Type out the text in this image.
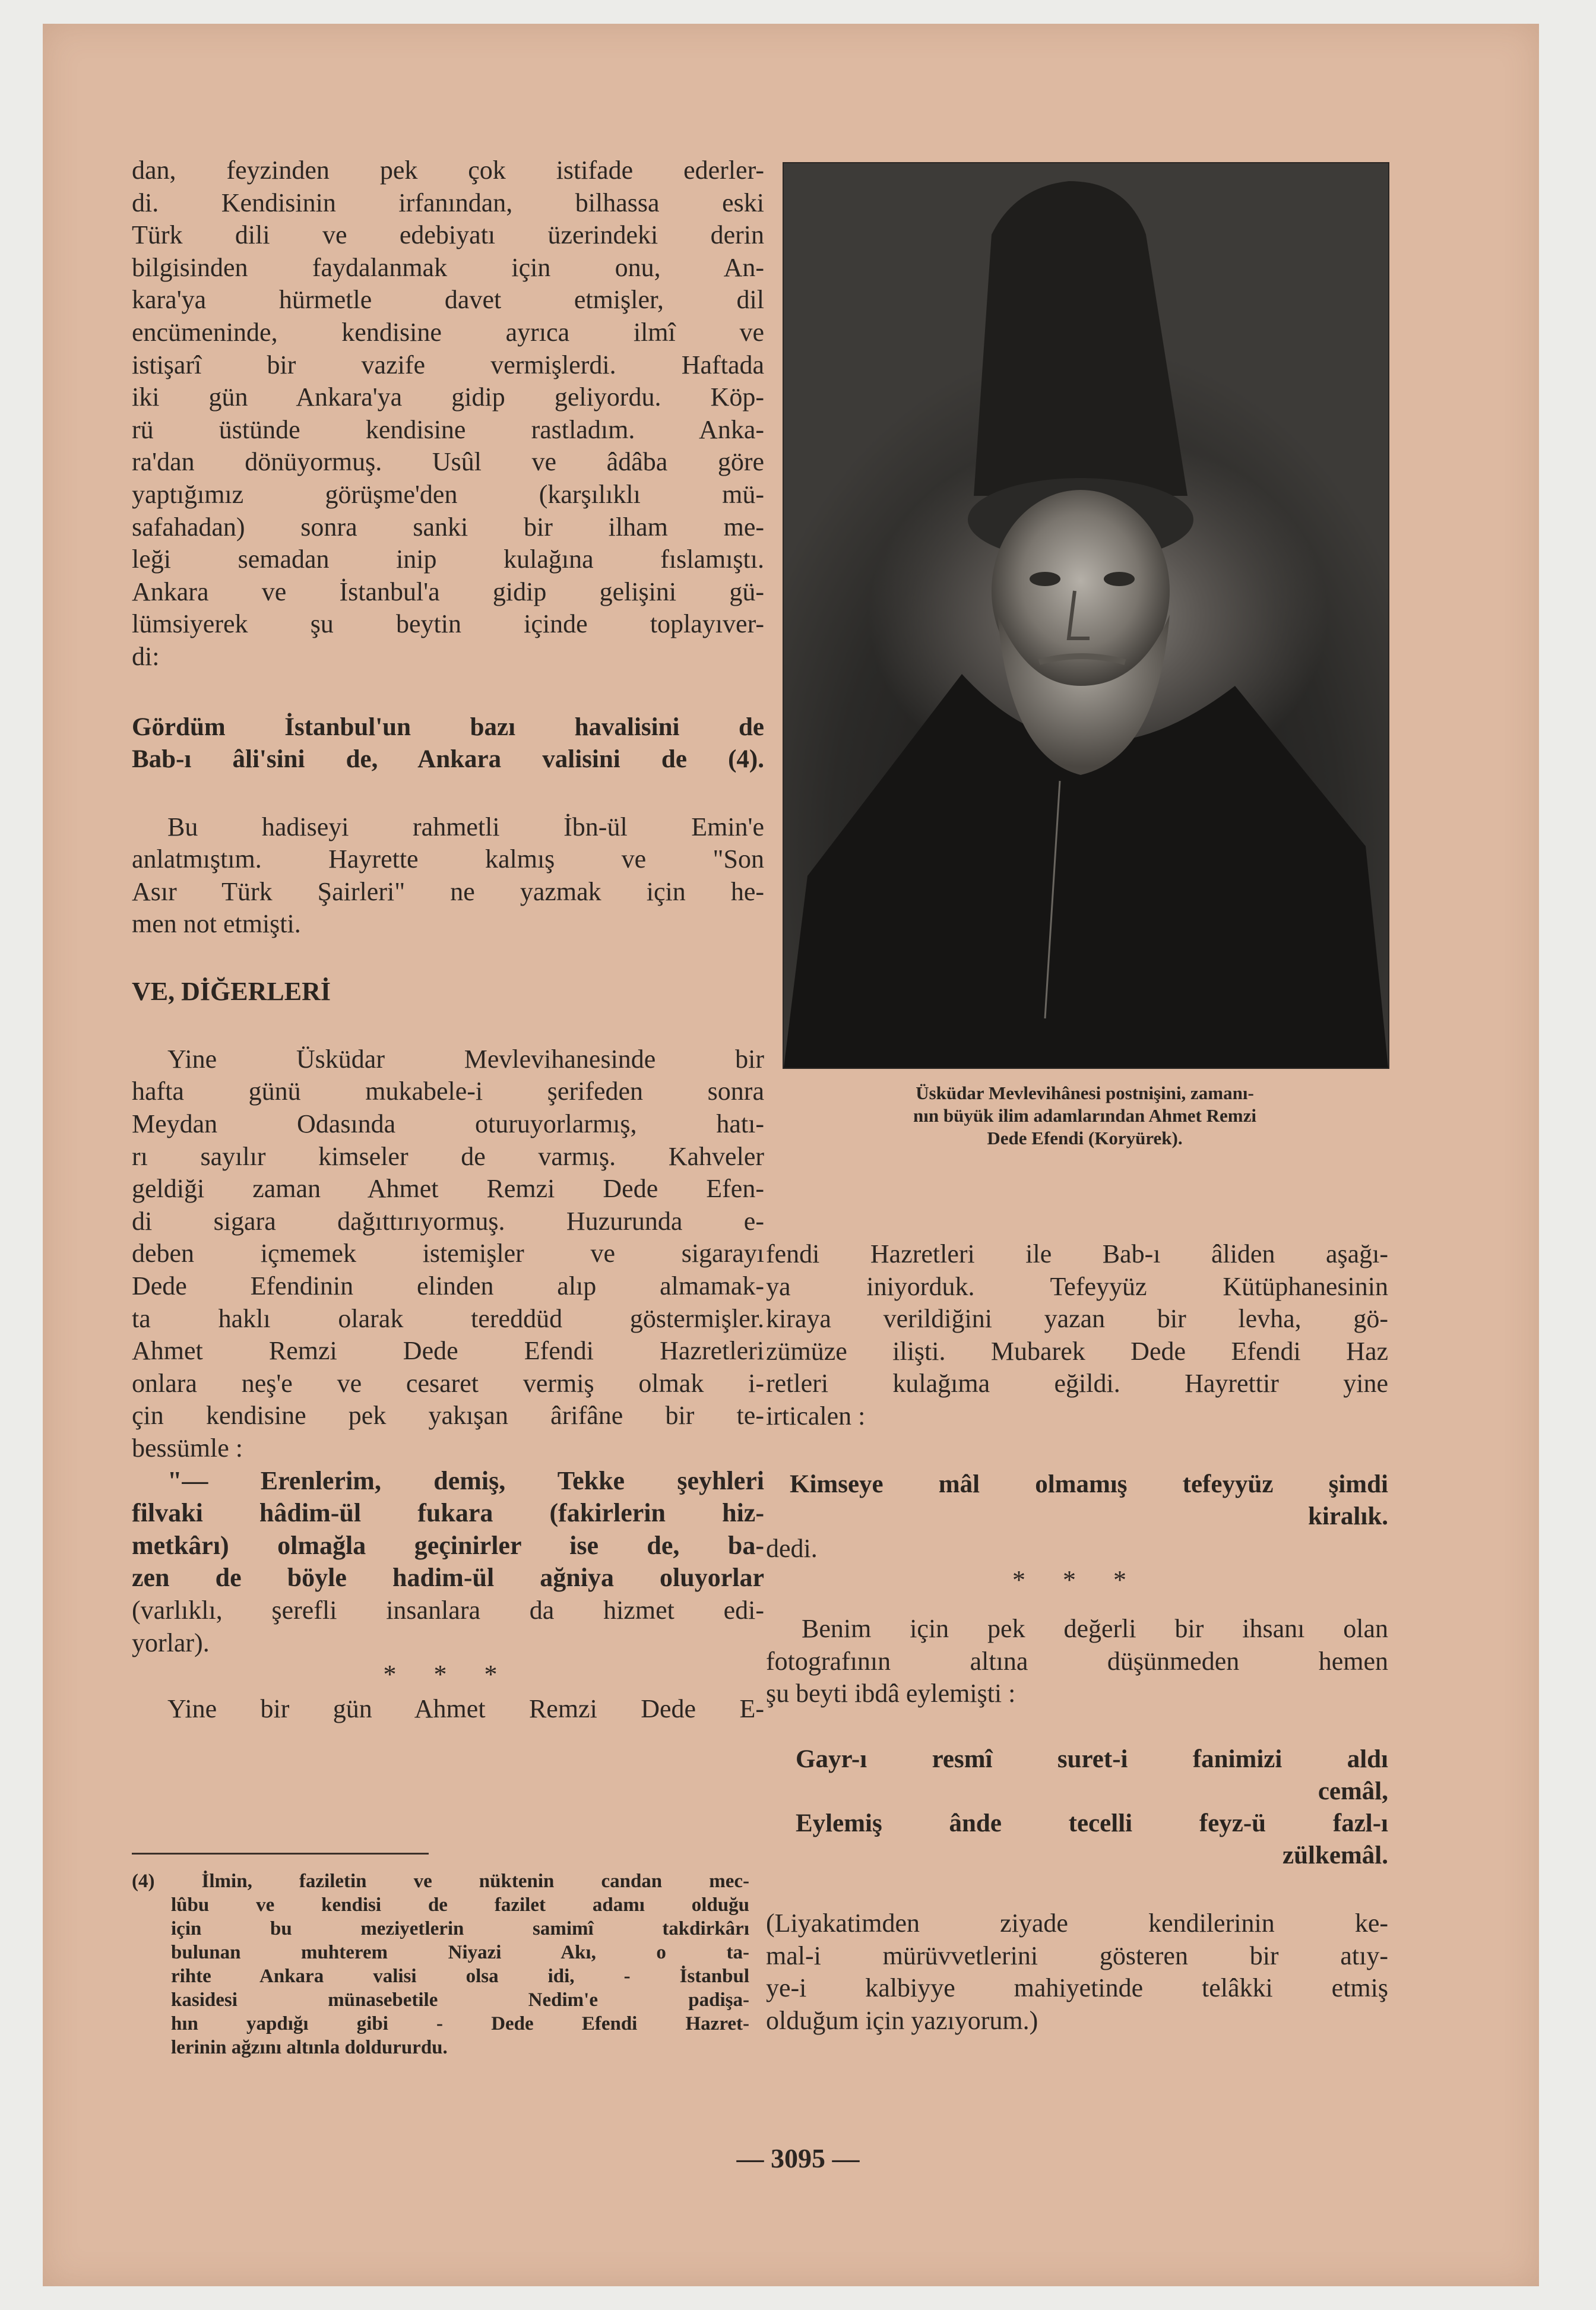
dan, feyzinden pek çok istifade ederler-

di. Kendisinin irfanından, bilhassa eski

Türk dili ve edebiyatı üzerindeki derin

bilgisinden faydalanmak için onu, An-

kara'ya hürmetle davet etmişler, dil

encümeninde, kendisine ayrıca ilmî ve

istişarî bir vazife vermişlerdi. Haftada

iki gün Ankara'ya gidip geliyordu. Köp-

rü üstünde kendisine rastladım. Anka-

ra'dan dönüyormuş. Usûl ve âdâba göre

yaptığımız görüşme'den (karşılıklı mü-

safahadan) sonra sanki bir ilham me-

leği semadan inip kulağına fıslamıştı.

Ankara ve İstanbul'a gidip gelişini gü-

lümsiyerek şu beytin içinde toplayıver-

di:

Gördüm İstanbul'un bazı havalisini de

Bab-ı âli'sini de, Ankara valisini de (4).

Bu hadiseyi rahmetli İbn-ül Emin'e

anlatmıştım. Hayrette kalmış ve "Son

Asır Türk Şairleri" ne yazmak için he-

men not etmişti.

VE, DİĞERLERİ

Yine Üsküdar Mevlevihanesinde bir

hafta günü mukabele-i şerifeden sonra

Meydan Odasında oturuyorlarmış, hatı-

rı sayılır kimseler de varmış. Kahveler

geldiği zaman Ahmet Remzi Dede Efen-

di sigara dağıttırıyormuş. Huzurunda e-

deben içmemek istemişler ve sigarayı

Dede Efendinin elinden alıp almamak-

ta haklı olarak tereddüd göstermişler.

Ahmet Remzi Dede Efendi Hazretleri

onlara neş'e ve cesaret vermiş olmak i-

çin kendisine pek yakışan ârifâne bir te-

bessümle :

"— Erenlerim, demiş, Tekke şeyhleri

filvaki hâdim-ül fukara (fakirlerin hiz-

metkârı) olmağla geçinirler ise de, ba-

zen de böyle hadim-ül ağniya oluyorlar

(varlıklı, şerefli insanlara da hizmet edi-

yorlar).

* * *

Yine bir gün Ahmet Remzi Dede E-

(4) İlmin, faziletin ve nüktenin candan mec-

lûbu ve kendisi de fazilet adamı olduğu

için bu meziyetlerin samimî takdirkârı

bulunan muhterem Niyazi Akı, o ta-

rihte Ankara valisi olsa idi, - İstanbul

kasidesi münasebetile Nedim'e padişa-

hın yapdığı gibi - Dede Efendi Hazret-

lerinin ağzını altınla doldururdu.

Üsküdar Mevlevihânesi postnişini, zamanı-

nın büyük ilim adamlarından Ahmet Remzi

Dede Efendi (Koryürek).

fendi Hazretleri ile Bab-ı âliden aşağı-

ya iniyorduk. Tefeyyüz Kütüphanesinin

kiraya verildiğini yazan bir levha, gö-

zümüze ilişti. Mubarek Dede Efendi Haz

retleri kulağıma eğildi. Hayrettir yine

irticalen :

Kimseye mâl olmamış tefeyyüz şimdi

kiralık.

dedi.

* * *

Benim için pek değerli bir ihsanı olan

fotografının altına düşünmeden hemen

şu beyti ibdâ eylemişti :

Gayr-ı resmî suret-i fanimizi aldı

cemâl,

Eylemiş ânde tecelli feyz-ü fazl-ı

zülkemâl.

(Liyakatimden ziyade kendilerinin ke-

mal-i mürüvvetlerini gösteren bir atıy-

ye-i kalbiyye mahiyetinde telâkki etmiş

olduğum için yazıyorum.)

— 3095 —
